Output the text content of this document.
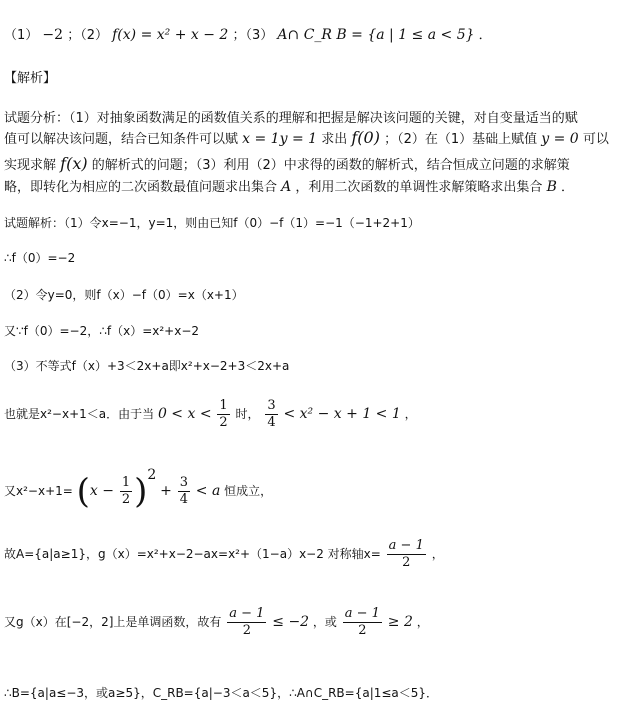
（1） −2 ；（2） f(x) = x² + x − 2 ；（3） A∩ C_R B = {a | 1 ≤ a < 5} ．
【解析】
试题分析：（1）对抽象函数满足的函数值关系的理解和把握是解决该问题的关键，对自变量适当的赋
值可以解决该问题，结合已知条件可以赋 x = 1y = 1 求出 f(0) ；（2）在（1）基础上赋值 y = 0 可以
实现求解 f(x) 的解析式的问题；（3）利用（2）中求得的函数的解析式，结合恒成立问题的求解策
略，即转化为相应的二次函数最值问题求出集合 A ，利用二次函数的单调性求解策略求出集合 B ．
试题解析：（1）令x=−1，y=1，则由已知f（0）−f（1）=−1（−1+2+1）
∴f（0）=−2
（2）令y=0，则f（x）−f（0）=x（x+1）
又∵f（0）=−2，∴f（x）=x²+x−2
（3）不等式f（x）+3＜2x+a即x²+x−2+3＜2x+a
也就是x²−x+1＜a．由于当 $0 < x < \frac{1}{2}$ 时， $\frac{3}{4} < x^2 - x + 1 < 1$ ，
又$x^2-x+1= (x - \frac{1}{2} )^2 + \frac{3}{4} < a$ 恒成立，
故A={a|a≥1}，g（x）=x²+x−2−ax=x²+（1−a）x−2 对称轴$x= \frac{a - 1}{2}$ ，
又g（x）在[−2，2]上是单调函数，故有 $\frac{a - 1}{2} \le -2$ ，或 $\frac{a - 1}{2} \ge 2$ ，
∴B={a|a≤−3，或a≥5}，C_RB={a|−3＜a＜5}，∴A∩C_RB={a|1≤a＜5}．
